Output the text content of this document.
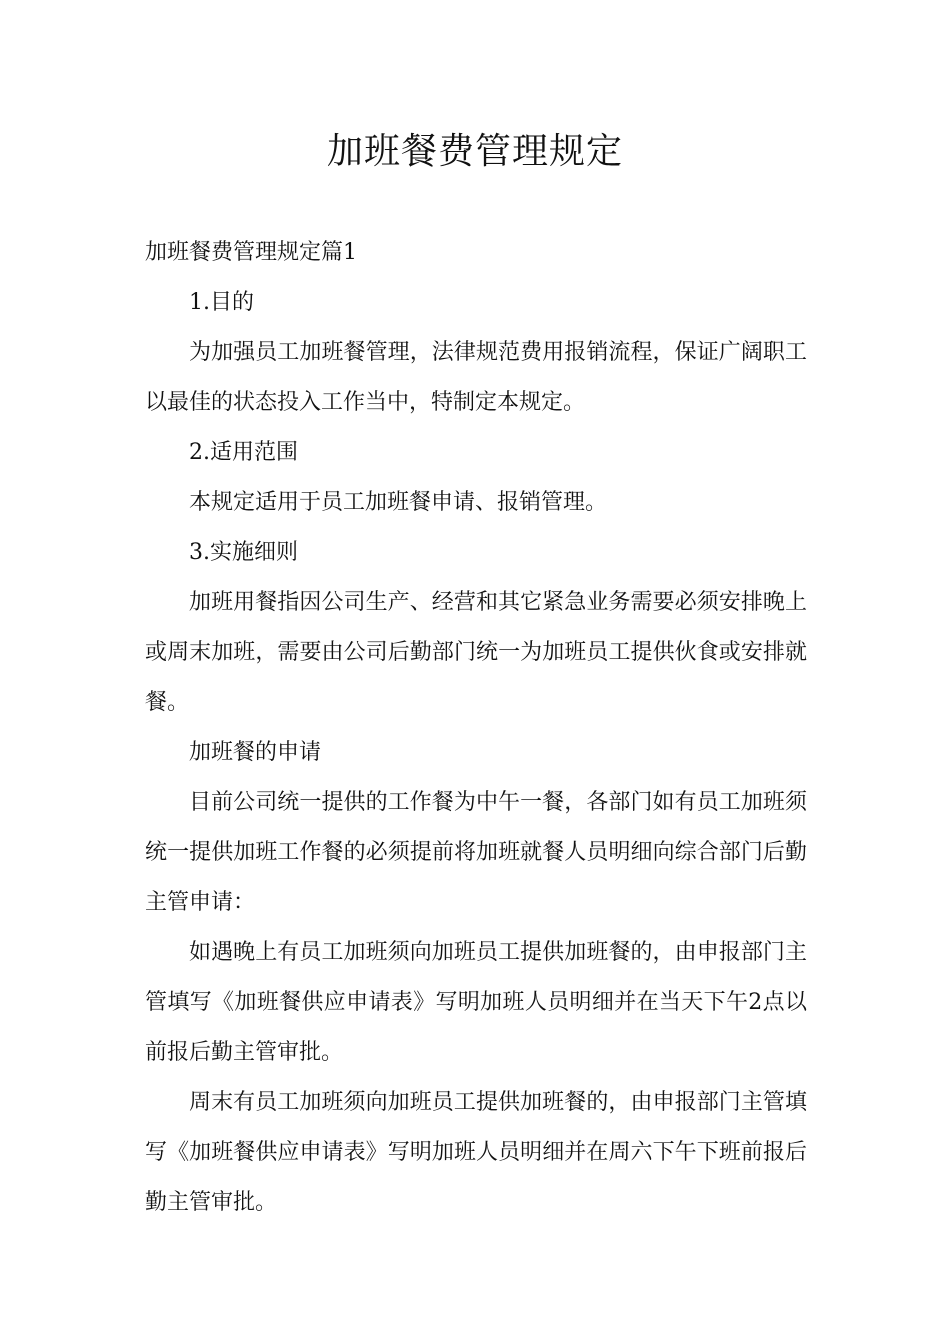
加班餐费管理规定

加班餐费管理规定篇1

1.目的

为加强员工加班餐管理，法律规范费用报销流程，保证广阔职工以最佳的状态投入工作当中，特制定本规定。

2.适用范围

本规定适用于员工加班餐申请、报销管理。

3.实施细则

加班用餐指因公司生产、经营和其它紧急业务需要必须安排晚上或周末加班，需要由公司后勤部门统一为加班员工提供伙食或安排就餐。

加班餐的申请

目前公司统一提供的工作餐为中午一餐，各部门如有员工加班须统一提供加班工作餐的必须提前将加班就餐人员明细向综合部门后勤主管申请：

如遇晚上有员工加班须向加班员工提供加班餐的，由申报部门主管填写《加班餐供应申请表》写明加班人员明细并在当天下午2点以前报后勤主管审批。

周末有员工加班须向加班员工提供加班餐的，由申报部门主管填写《加班餐供应申请表》写明加班人员明细并在周六下午下班前报后勤主管审批。
